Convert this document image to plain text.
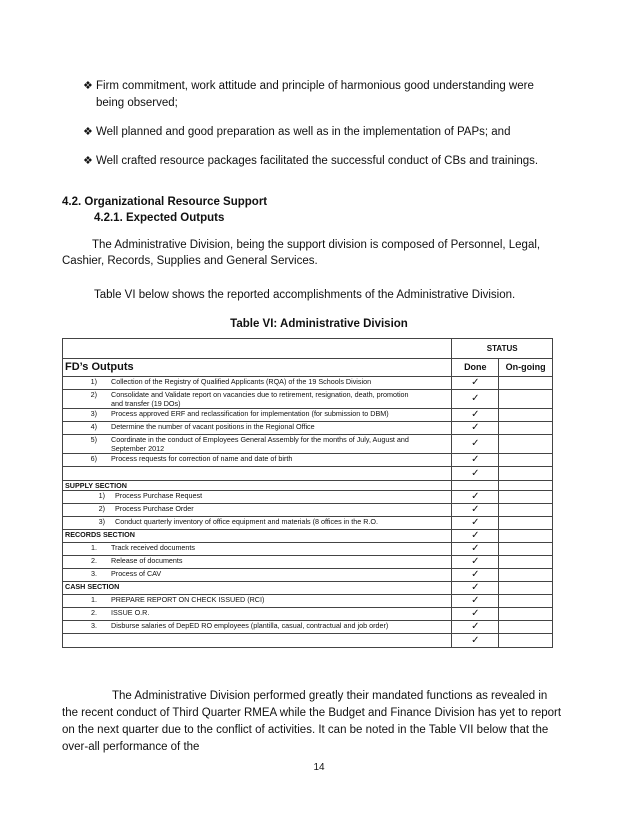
❖ Firm commitment, work attitude and principle of harmonious good understanding were being observed;
❖ Well planned and good preparation as well as in the implementation of PAPs; and
❖ Well crafted resource packages facilitated the successful conduct of CBs and trainings.
4.2. Organizational Resource Support
4.2.1. Expected Outputs
The Administrative Division, being the support division is composed of Personnel, Legal, Cashier, Records, Supplies and General Services.
Table VI below shows the reported accomplishments of the Administrative Division.
Table VI: Administrative Division
	STATUS	
FD’s Outputs	Done	On-going
1) Collection of the Registry of Qualified Applicants (RQA) of the 19 Schools Division	✓	
2) Consolidate and Validate report on vacancies due to retirement, resignation, death, promotion and transfer (19 DOs)	✓	
3) Process approved ERF and reclassification for implementation (for submission to DBM)	✓	
4) Determine the number of vacant positions in the Regional Office	✓	
5) Coordinate in the conduct of Employees General Assembly for the months of July, August and September 2012	✓	
6) Process requests for correction of name and date of birth	✓	
	✓	
SUPPLY SECTION		
1) Process Purchase Request	✓	
2) Process Purchase Order	✓	
3) Conduct quarterly inventory of office equipment and materials (8 offices in the R.O.	✓	
RECORDS SECTION	✓	
1. Track received documents	✓	
2. Release of documents	✓	
3. Process of CAV	✓	
CASH SECTION	✓	
1. PREPARE REPORT ON CHECK ISSUED (RCI)	✓	
2. ISSUE O.R.	✓	
3. Disburse salaries of DepED RO employees (plantilla, casual, contractual and job order)	✓	
	✓	
The Administrative Division performed greatly their mandated functions as revealed in the recent conduct of Third Quarter RMEA while the Budget and Finance Division has yet to report on the next quarter due to the conflict of activities. It can be noted in the Table VII below that the over-all performance of the
14
